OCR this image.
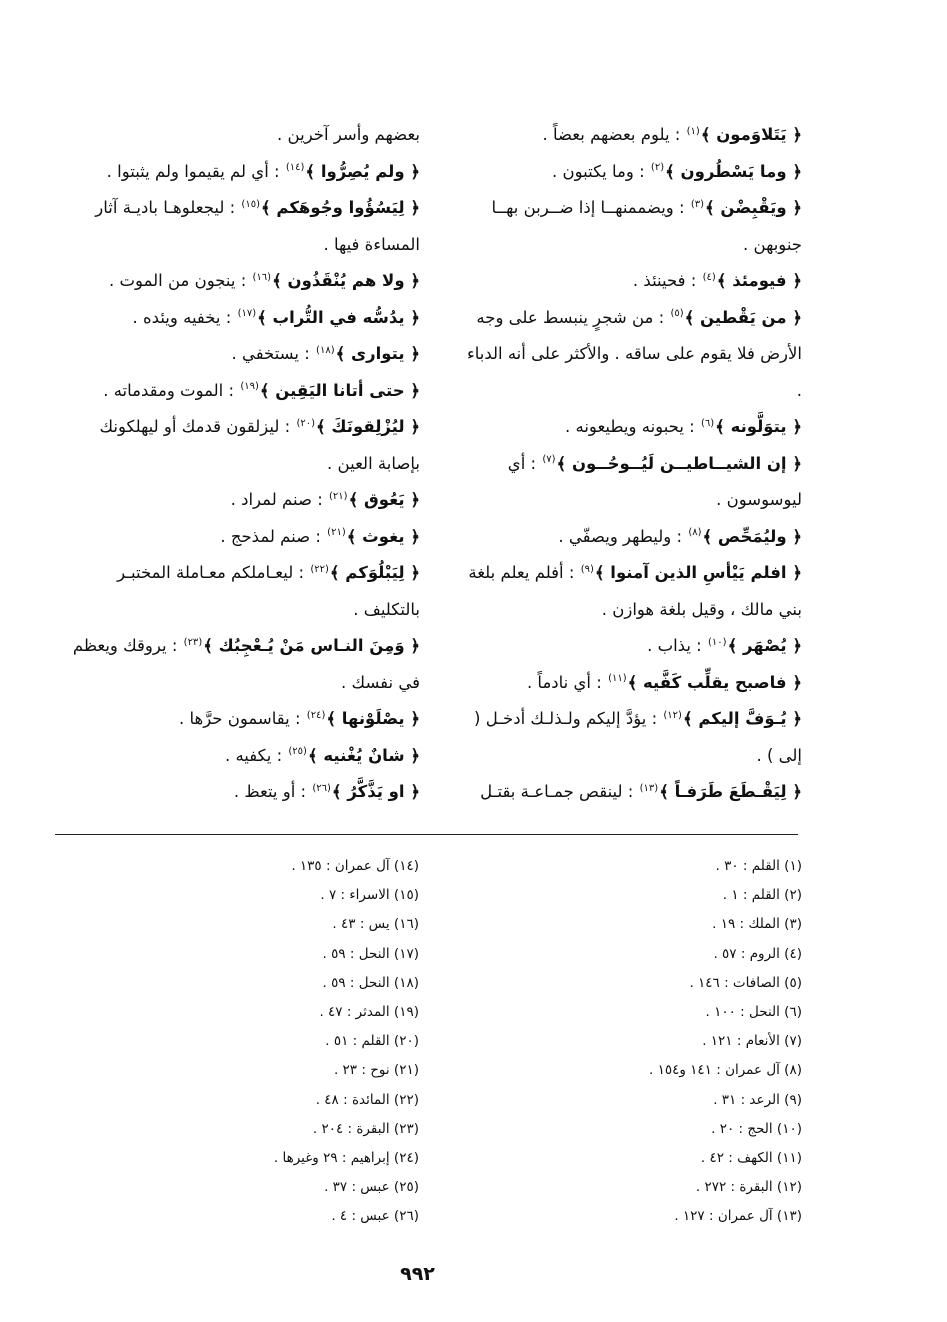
﴿ يَتَلاوَمون ﴾$^{(١)}$ : يلوم بعضهم بعضاً .
﴿ وما يَسْطُرون ﴾$^{(٢)}$ : وما يكتبون .
﴿ ويَقْبِضْن ﴾$^{(٣)}$ : ويضممنهــا إذا ضــربن بهــا جنوبهن .
﴿ فيومئذ ﴾$^{(٤)}$ : فحينئذ .
﴿ من يَقْطين ﴾$^{(٥)}$ : من شجرٍ ينبسط على وجه الأرض فلا يقوم على ساقه . والأكثر على أنه الدباء .
﴿ يتوَلَّونه ﴾$^{(٦)}$ : يحبونه ويطيعونه .
﴿ إن الشيــاطيــن لَيُــوحُــون ﴾$^{(٧)}$ : أي ليوسوسون .
﴿ وليُمَحِّص ﴾$^{(٨)}$ : وليطهر ويصفّي .
﴿ افلم يَيْأسِ الذين آمنوا ﴾$^{(٩)}$ : أفلم يعلم بلغة بني مالك ، وقيل بلغة هوازن .
﴿ يُصْهَر ﴾$^{(١٠)}$ : يذاب .
﴿ فاصبح يقلِّب كَفَّيه ﴾$^{(١١)}$ : أي نادماً .
﴿ يُـوَفَّ إليكم ﴾$^{(١٢)}$ : يؤدَّ إليكم ولـذلـك أدخـل ( إلى ) .
﴿ لِيَقْـطَعَ طَرَفـاً ﴾$^{(١٣)}$ : لينقص جمـاعـة بقتـل
بعضهم وأسر آخرين .
﴿ ولم يُصِرُّوا ﴾$^{(١٤)}$ : أي لم يقيموا ولم يثبتوا .
﴿ لِيَسُؤُوا وجُوهَكم ﴾$^{(١٥)}$ : ليجعلوهـا باديـة آثار المساءة فيها .
﴿ ولا هم يُنْقَذُون ﴾$^{(١٦)}$ : ينجون من الموت .
﴿ يدُسُّه في التُّراب ﴾$^{(١٧)}$ : يخفيه ويئده .
﴿ يتوارى ﴾$^{(١٨)}$ : يستخفي .
﴿ حتى أتانا اليَقِين ﴾$^{(١٩)}$ : الموت ومقدماته .
﴿ ليُزْلِقونَكَ ﴾$^{(٢٠)}$ : ليزلقون قدمك أو ليهلكونك بإصابة العين .
﴿ يَعُوق ﴾$^{(٢١)}$ : صنم لمراد .
﴿ يغوث ﴾$^{(٢١)}$ : صنم لمذحج .
﴿ لِيَبْلُوَكم ﴾$^{(٢٢)}$ : ليعـاملكم معـاملة المختبـر بالتكليف .
﴿ وَمِنَ النـاس مَنْ يُـعْجِبُك ﴾$^{(٢٣)}$ : يروقك ويعظم في نفسك .
﴿ يصْلَوْنها ﴾$^{(٢٤)}$ : يقاسمون حرَّها .
﴿ شانٌ يُغْنيه ﴾$^{(٢٥)}$ : يكفيه .
﴿ او يَذَّكَّرُ ﴾$^{(٢٦)}$ : أو يتعظ .
(١) القلم : ٣٠ .
(٢) القلم : ١ .
(٣) الملك : ١٩ .
(٤) الروم : ٥٧ .
(٥) الصافات : ١٤٦ .
(٦) النحل : ١٠٠ .
(٧) الأنعام : ١٢١ .
(٨) آل عمران : ١٤١ و١٥٤ .
(٩) الرعد : ٣١ .
(١٠) الحج : ٢٠ .
(١١) الكهف : ٤٢ .
(١٢) البقرة : ٢٧٢ .
(١٣) آل عمران : ١٢٧ .
(١٤) آل عمران : ١٣٥ .
(١٥) الاسراء : ٧ .
(١٦) يس : ٤٣ .
(١٧) النحل : ٥٩ .
(١٨) النحل : ٥٩ .
(١٩) المدثر : ٤٧ .
(٢٠) القلم : ٥١ .
(٢١) نوح : ٢٣ .
(٢٢) المائدة : ٤٨ .
(٢٣) البقرة : ٢٠٤ .
(٢٤) إبراهيم : ٢٩ وغيرها .
(٢٥) عبس : ٣٧ .
(٢٦) عبس : ٤ .
٩٩٢
